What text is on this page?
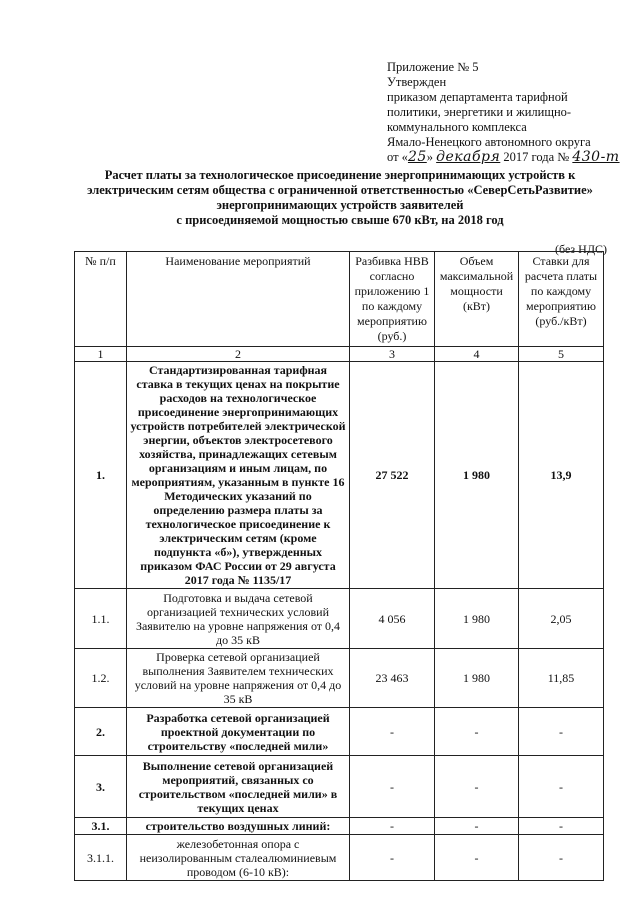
Приложение № 5
Утвержден
приказом департамента тарифной
политики, энергетики и жилищно-
коммунального комплекса
Ямало-Ненецкого автономного округа
от «25» декабря 2017 года № 430-т
Расчет платы за технологическое присоединение энергопринимающих устройств к
электрическим сетям общества с ограниченной ответственностью «СеверСетьРазвитие»
энергопринимающих устройств заявителей
с присоединяемой мощностью свыше 670 кВт, на 2018 год
(без НДС)
№ п/п	Наименование мероприятий	Разбивка НВВ согласно приложению 1 по каждому мероприятию (руб.)	Объем максимальной мощности (кВт)	Ставки для расчета платы по каждому мероприятию (руб./кВт)
1	2	3	4	5
1.	Стандартизированная тарифная ставка в текущих ценах на покрытие расходов на технологическое присоединение энергопринимающих устройств потребителей электрической энергии, объектов электросетевого хозяйства, принадлежащих сетевым организациям и иным лицам, по мероприятиям, указанным в пункте 16 Методических указаний по определению размера платы за технологическое присоединение к электрическим сетям (кроме подпункта «б»), утвержденных приказом ФАС России от 29 августа 2017 года № 1135/17	27 522	1 980	13,9
1.1.	Подготовка и выдача сетевой организацией технических условий Заявителю на уровне напряжения от 0,4 до 35 кВ	4 056	1 980	2,05
1.2.	Проверка сетевой организацией выполнения Заявителем технических условий на уровне напряжения от 0,4 до 35 кВ	23 463	1 980	11,85
2.	Разработка сетевой организацией проектной документации по строительству «последней мили»	-	-	-
3.	Выполнение сетевой организацией мероприятий, связанных со строительством «последней мили» в текущих ценах	-	-	-
3.1.	строительство воздушных линий:	-	-	-
3.1.1.	железобетонная опора с неизолированным сталеалюминиевым проводом (6-10 кВ):	-	-	-
